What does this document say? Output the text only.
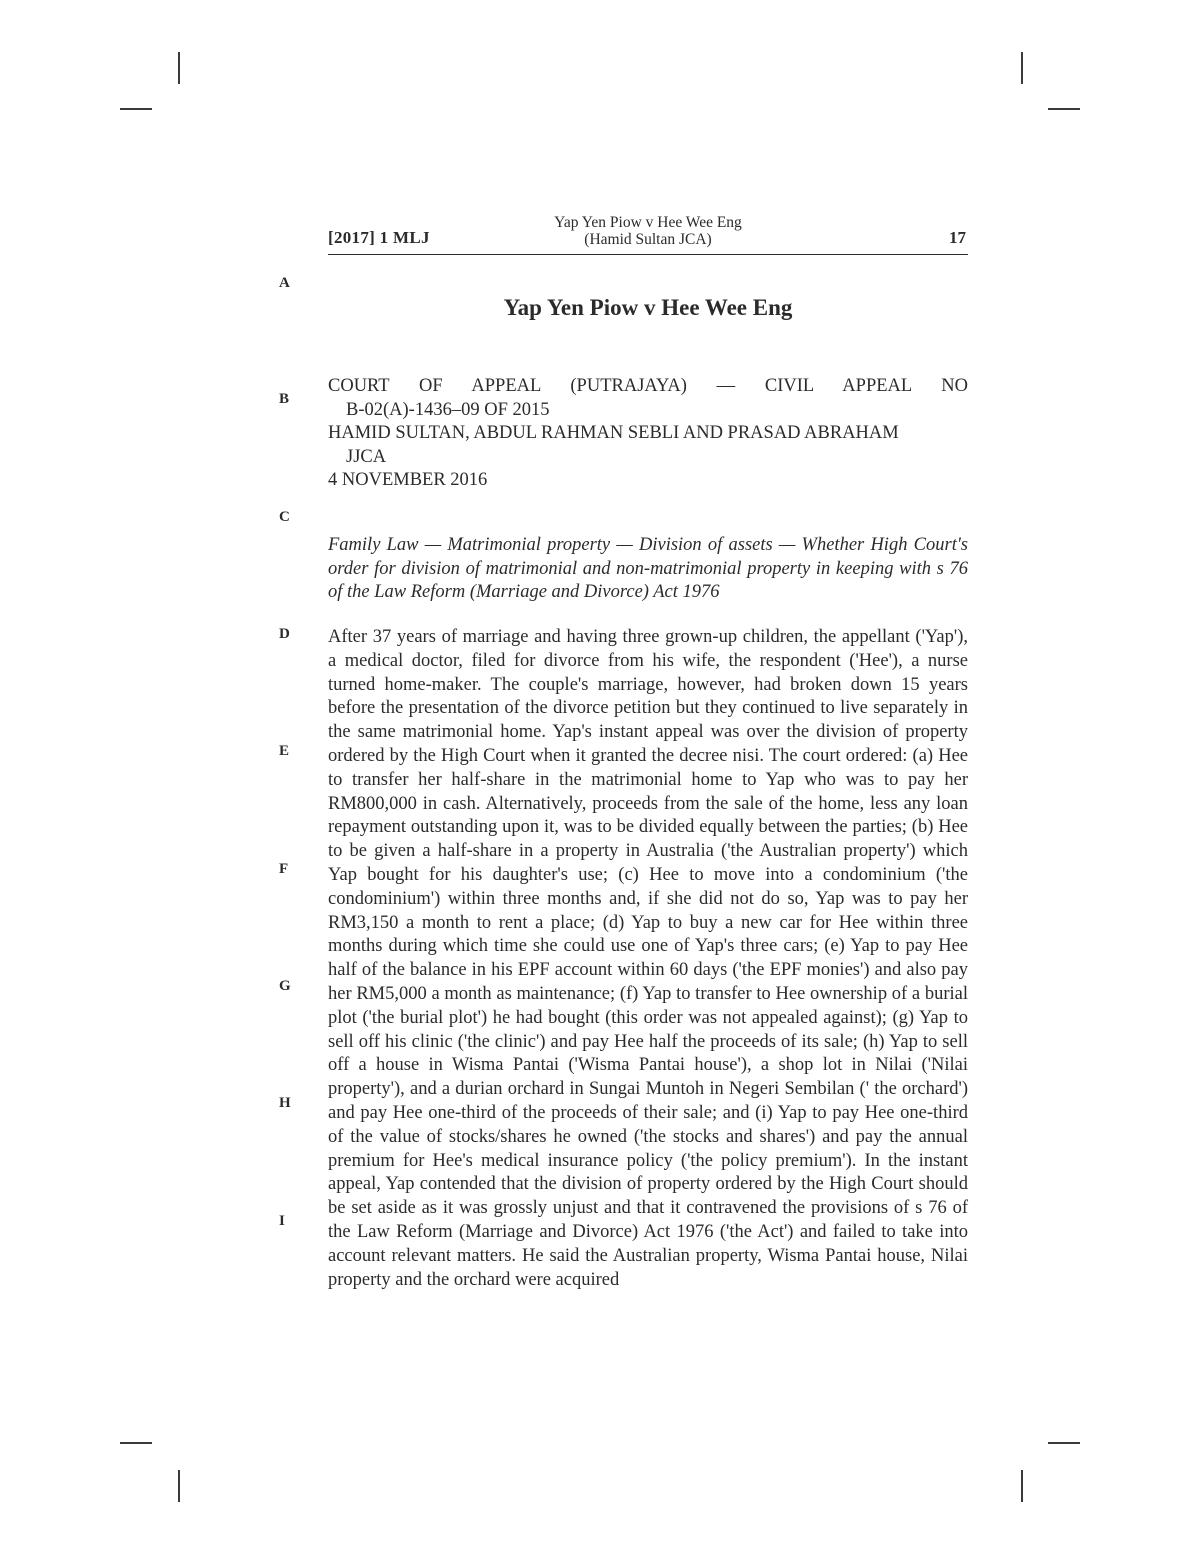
[2017] 1 MLJ
Yap Yen Piow v Hee Wee Eng
(Hamid Sultan JCA)	17
A
B
C
D
E
F
G
H
I
Yap Yen Piow v Hee Wee Eng
COURT OF APPEAL (PUTRAJAYA) — CIVIL APPEAL NO
B-02(A)-1436–09 OF 2015
HAMID SULTAN, ABDUL RAHMAN SEBLI AND PRASAD ABRAHAM
JJCA
4 NOVEMBER 2016
Family Law — Matrimonial property — Division of assets — Whether High Court's order for division of matrimonial and non-matrimonial property in keeping with s 76 of the Law Reform (Marriage and Divorce) Act 1976
After 37 years of marriage and having three grown-up children, the appellant ('Yap'), a medical doctor, filed for divorce from his wife, the respondent ('Hee'), a nurse turned home-maker. The couple's marriage, however, had broken down 15 years before the presentation of the divorce petition but they continued to live separately in the same matrimonial home. Yap's instant appeal was over the division of property ordered by the High Court when it granted the decree nisi. The court ordered: (a) Hee to transfer her half-share in the matrimonial home to Yap who was to pay her RM800,000 in cash. Alternatively, proceeds from the sale of the home, less any loan repayment outstanding upon it, was to be divided equally between the parties; (b) Hee to be given a half-share in a property in Australia ('the Australian property') which Yap bought for his daughter's use; (c) Hee to move into a condominium ('the condominium') within three months and, if she did not do so, Yap was to pay her RM3,150 a month to rent a place; (d) Yap to buy a new car for Hee within three months during which time she could use one of Yap's three cars; (e) Yap to pay Hee half of the balance in his EPF account within 60 days ('the EPF monies') and also pay her RM5,000 a month as maintenance; (f) Yap to transfer to Hee ownership of a burial plot ('the burial plot') he had bought (this order was not appealed against); (g) Yap to sell off his clinic ('the clinic') and pay Hee half the proceeds of its sale; (h) Yap to sell off a house in Wisma Pantai ('Wisma Pantai house'), a shop lot in Nilai ('Nilai property'), and a durian orchard in Sungai Muntoh in Negeri Sembilan (' the orchard') and pay Hee one-third of the proceeds of their sale; and (i) Yap to pay Hee one-third of the value of stocks/shares he owned ('the stocks and shares') and pay the annual premium for Hee's medical insurance policy ('the policy premium'). In the instant appeal, Yap contended that the division of property ordered by the High Court should be set aside as it was grossly unjust and that it contravened the provisions of s 76 of the Law Reform (Marriage and Divorce) Act 1976 ('the Act') and failed to take into account relevant matters. He said the Australian property, Wisma Pantai house, Nilai property and the orchard were acquired
